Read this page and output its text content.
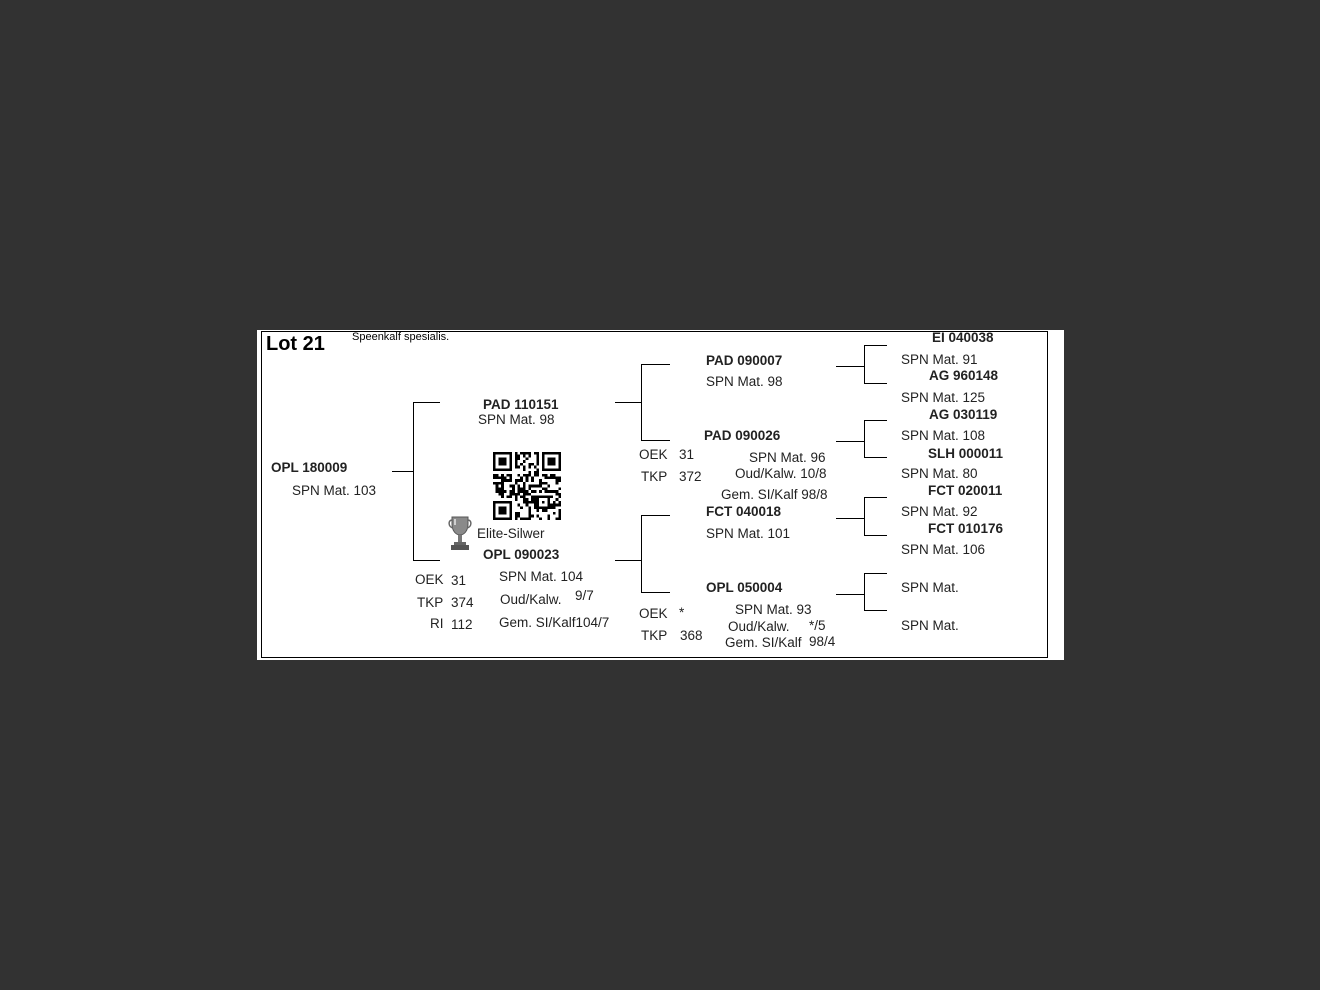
Lot 21 Speenkalf spesialis.
OPL 180009
SPN Mat. 103
PAD 110151
SPN Mat. 98
Elite-Silwer
OPL 090023
SPN Mat. 104
Oud/Kalw. 9/7
Gem. SI/Kalf104/7
OEK 31
TKP 374
RI 112
PAD 090007
SPN Mat. 98
PAD 090026
SPN Mat. 96
Oud/Kalw. 10/8
Gem. SI/Kalf 98/8
OEK 31
TKP 372
FCT 040018
SPN Mat. 101
OPL 050004
SPN Mat. 93
Oud/Kalw. */5
Gem. SI/Kalf 98/4
OEK *
TKP 368
EI 040038
SPN Mat. 91
AG 960148
SPN Mat. 125
AG 030119
SPN Mat. 108
SLH 000011
SPN Mat. 80
FCT 020011
SPN Mat. 92
FCT 010176
SPN Mat. 106
SPN Mat.
SPN Mat.
